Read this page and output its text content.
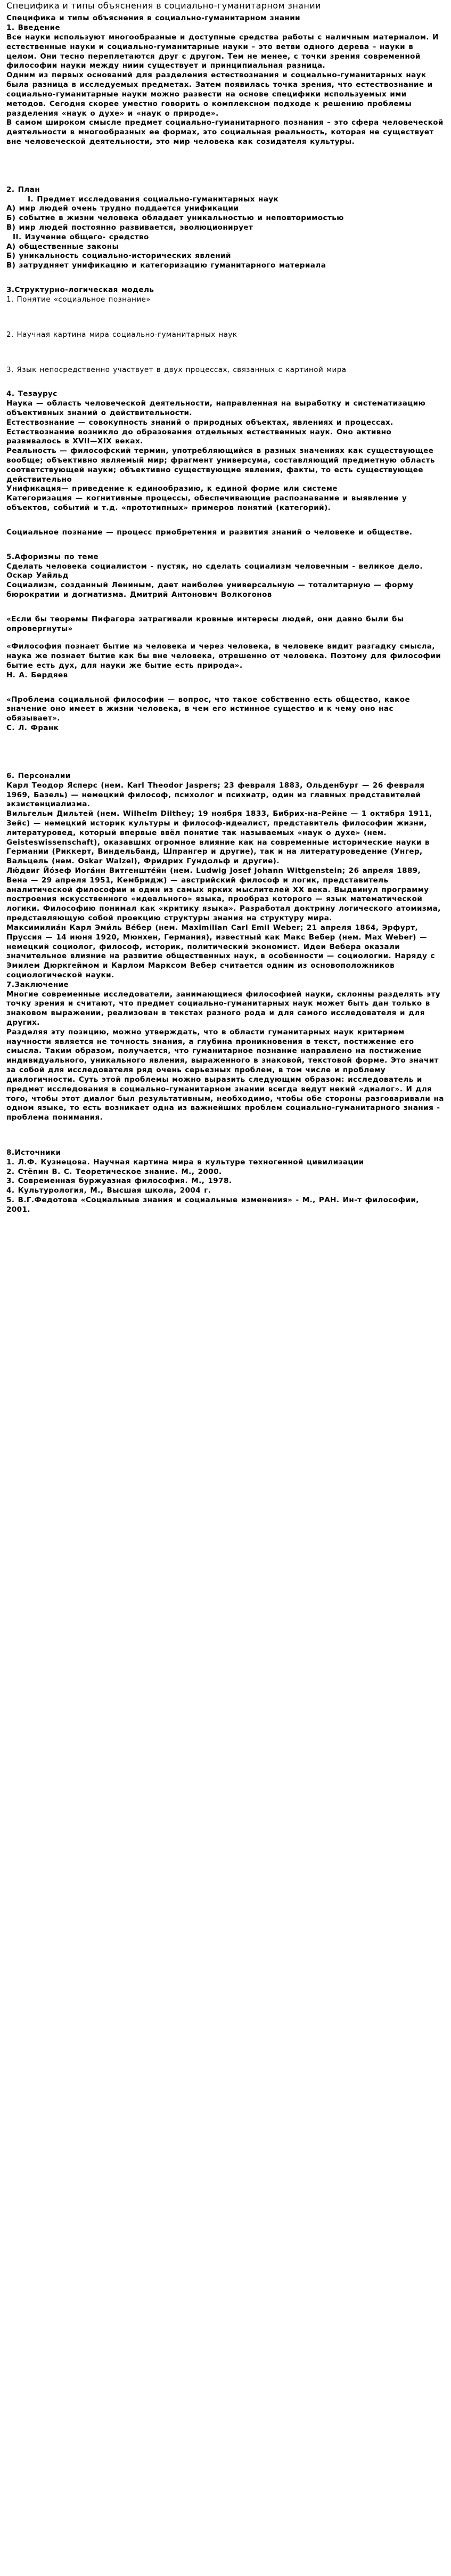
Специфика и типы объяснения в социально-гуманитарном знании

Специфика и типы объяснения в социально-гуманитарном знании

1. Введение

Все науки используют многообразные и доступные средства работы с наличным материалом. И естественные науки и социально-гуманитарные науки – это ветви одного дерева – науки в целом. Они тесно переплетаются друг с другом. Тем не менее, с точки зрения современной философии науки между ними существует и принципиальная разница.

Одним из первых оснований для разделения естествознания и социально-гуманитарных наук была разница в исследуемых предметах. Затем появилась точка зрения, что естествознание и социально-гуманитарные науки можно развести на основе специфики используемых ими методов. Сегодня скорее уместно говорить о комплексном подходе к решению проблемы разделения «наук о духе» и «наук о природе».

В самом широком смысле предмет социально-гуманитарного познания – это сфера человеческой деятельности в многообразных ее формах, это социальная реальность, которая не существует вне человеческой деятельности, это мир человека как созидателя культуры.

2. План

I. Предмет исследования социально-гуманитарных наук

А) мир людей очень трудно поддается унификации

Б) событие в жизни человека обладает уникальностью и неповторимостью

В) мир людей постоянно развивается, эволюционирует

II. Изучение общего- средство

А) общественные законы

Б) уникальность социально-исторических явлений

В) затрудняет унификацию и категоризацию гуманитарного материала

3.Структурно-логическая модель

1. Понятие «социальное познание»

2. Научная картина мира социально-гуманитарных наук

3. Язык непосредственно участвует в двух процессах, связанных с картиной мира

4. Тезаурус

Наука — область человеческой деятельности, направленная на выработку и систематизацию объективных знаний о действительности.

Естествознание — совокупность знаний о природных объектах, явлениях и процессах. Естествознание возникло до образования отдельных естественных наук. Оно активно развивалось в XVII—XIX веках.

Реальность — философский термин, употребляющийся в разных значениях как существующее вообще; объективно являемый мир; фрагмент универсума, составляющий предметную область соответствующей науки; объективно существующие явления, факты, то есть существующее действительно

Унификация— приведение к единообразию, к единой форме или системе

Категоризация — когнитивные процессы, обеспечивающие распознавание и выявление у объектов, событий и т.д. «прототипных» примеров понятий (категорий).

Социальное познание — процесс приобретения и развития знаний о человеке и обществе.

5.Афоризмы по теме

Сделать человека социалистом - пустяк, но сделать социализм человечным - великое дело. Оскар Уайльд

Социализм, созданный Лениным, дает наиболее универсальную — тоталитарную — форму бюрократии и догматизма. Дмитрий Антонович Волкогонов

«Если бы теоремы Пифагора затрагивали кровные интересы людей, они давно были бы опровергнуты»

«Философия познает бытие из человека и через человека, в человеке видит разгадку смысла, наука же познает бытие как бы вне человека, отрешенно от человека. Поэтому для философии бытие есть дух, для науки же бытие есть природа».

Н. А. Бердяев

«Проблема социальной философии — вопрос, что такое собственно есть общество, какое значение оно имеет в жизни человека, в чем его истинное существо и к чему оно нас обязывает».

С. Л. Франк

6. Персоналии

Карл Теодор Ясперс (нем. Karl Theodor Jaspers; 23 февраля 1883, Ольденбург — 26 февраля 1969, Базель) — немецкий философ, психолог и психиатр, один из главных представителей экзистенциализма.

Вильгельм Дильтей (нем. Wilhelm Dilthey; 19 ноября 1833, Бибрих-на-Рейне — 1 октября 1911, Зейс) — немецкий историк культуры и философ-идеалист, представитель философии жизни, литературовед, который впервые ввёл понятие так называемых «наук о духе» (нем. Geisteswissenschaft), оказавших огромное влияние как на современные исторические науки в Германии (Риккерт, Виндельбанд, Шпрангер и другие), так и на литературоведение (Унгер, Вальцель (нем. Oskar Walzel), Фридрих Гундольф и другие).

Лю́двиг Йо́зеф Иога́нн Витгенште́йн (нем. Ludwig Josef Johann Wittgenstein; 26 апреля 1889, Вена — 29 апреля 1951, Кембридж) — австрийский философ и логик, представитель аналитической философии и один из самых ярких мыслителей XX века. Выдвинул программу построения искусственного «идеального» языка, прообраз которого — язык математической логики. Философию понимал как «критику языка». Разработал доктрину логического атомизма, представляющую собой проекцию структуры знания на структуру мира.

Максимилиа́н Карл Эми́ль Ве́бер (нем. Maximilian Carl Emil Weber; 21 апреля 1864, Эрфурт, Пруссия — 14 июня 1920, Мюнхен, Германия), известный как Макс Вебер (нем. Max Weber) — немецкий социолог, философ, историк, политический экономист. Идеи Вебера оказали значительное влияние на развитие общественных наук, в особенности — социологии. Наряду с Эмилем Дюркгеймом и Карлом Марксом Вебер считается одним из основоположников социологической науки.

7.Заключение

Многие современные исследователи, занимающиеся философией науки, склонны разделять эту точку зрения и считают, что предмет социально-гуманитарных наук может быть дан только в знаковом выражении, реализован в текстах разного рода и для самого исследователя и для других.

Разделяя эту позицию, можно утверждать, что в области гуманитарных наук критерием научности является не точность знания, а глубина проникновения в текст, постижение его смысла. Таким образом, получается, что гуманитарное познание направлено на постижение индивидуального, уникального явления, выраженного в знаковой, текстовой форме. Это значит за собой для исследователя ряд очень серьезных проблем, в том числе и проблему диалогичности. Суть этой проблемы можно выразить следующим образом: исследователь и предмет исследования в социально-гуманитарном знании всегда ведут некий «диалог». И для того, чтобы этот диалог был результативным, необходимо, чтобы обе стороны разговаривали на одном языке, то есть возникает одна из важнейших проблем социально-гуманитарного знания - проблема понимания.

8.Источники

1. Л.Ф. Кузнецова. Научная картина мира в культуре техногенной цивилизации

2. Стёпин В. С. Теоретическое знание. М., 2000.

3. Современная буржуазная философия. М., 1978.

4. Культурология, М., Высшая школа, 2004 г.

5. В.Г.Федотова «Социальные знания и социальные изменения» - М., РАН. Ин-т философии, 2001.
